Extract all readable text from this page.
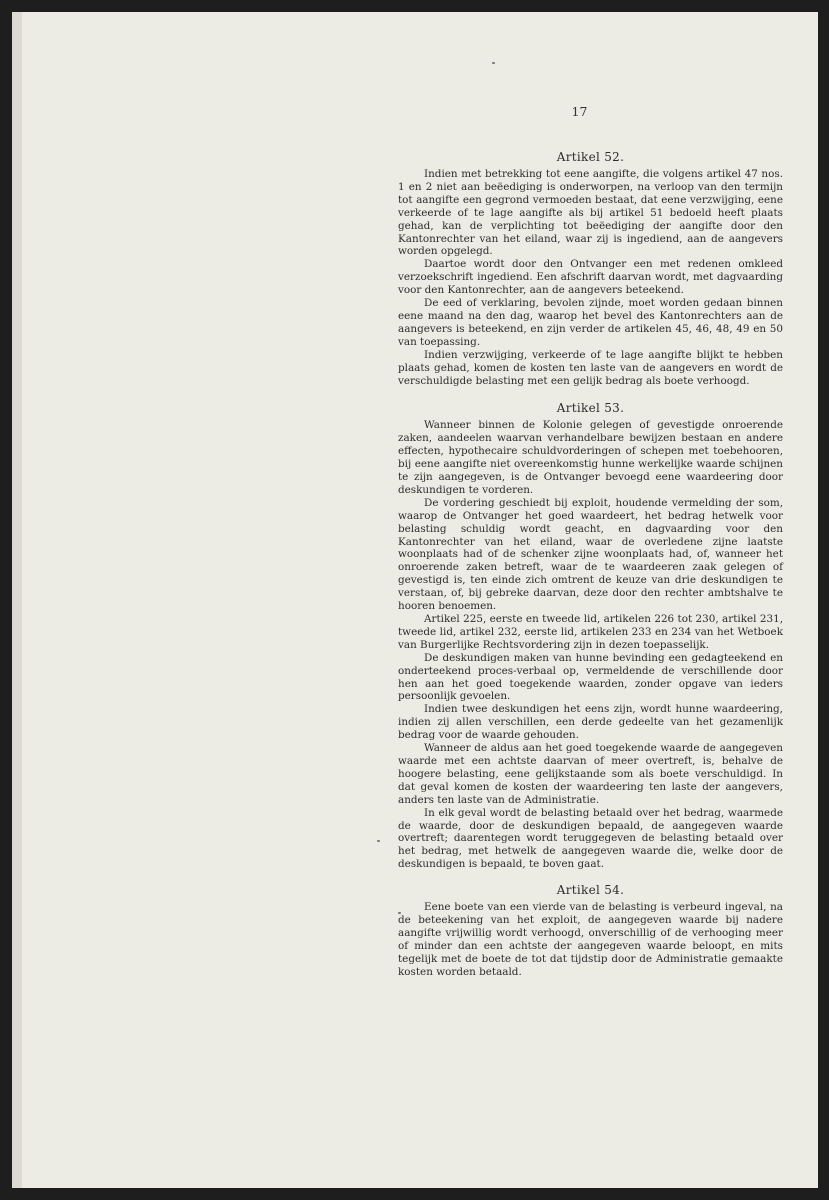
17
Artikel 52.

Indien met betrekking tot eene aangifte, die volgens artikel 47 nos. 1 en 2 niet aan beëediging is onderworpen, na verloop van den termijn tot aangifte een gegrond vermoeden bestaat, dat eene verzwijging, eene verkeerde of te lage aangifte als bij artikel 51 bedoeld heeft plaats gehad, kan de verplichting tot beëediging der aangifte door den Kantonrechter van het eiland, waar zij is ingediend, aan de aangevers worden opgelegd.

Daartoe wordt door den Ontvanger een met redenen omkleed verzoekschrift ingediend. Een afschrift daarvan wordt, met dagvaarding voor den Kantonrechter, aan de aangevers beteekend.

De eed of verklaring, bevolen zijnde, moet worden gedaan binnen eene maand na den dag, waarop het bevel des Kantonrechters aan de aangevers is beteekend, en zijn verder de artikelen 45, 46, 48, 49 en 50 van toepassing.

Indien verzwijging, verkeerde of te lage aangifte blijkt te hebben plaats gehad, komen de kosten ten laste van de aangevers en wordt de verschuldigde belasting met een gelijk bedrag als boete verhoogd.

Artikel 53.

Wanneer binnen de Kolonie gelegen of gevestigde onroerende zaken, aandeelen waarvan verhandelbare bewijzen bestaan en andere effecten, hypothecaire schuldvorderingen of schepen met toebehooren, bij eene aangifte niet overeenkomstig hunne werkelijke waarde schijnen te zijn aangegeven, is de Ontvanger bevoegd eene waardeering door deskundigen te vorderen.

De vordering geschiedt bij exploit, houdende vermelding der som, waarop de Ontvanger het goed waardeert, het bedrag hetwelk voor belasting schuldig wordt geacht, en dagvaarding voor den Kantonrechter van het eiland, waar de overledene zijne laatste woonplaats had of de schenker zijne woonplaats had, of, wanneer het onroerende zaken betreft, waar de te waardeeren zaak gelegen of gevestigd is, ten einde zich omtrent de keuze van drie deskundigen te verstaan, of, bij gebreke daarvan, deze door den rechter ambtshalve te hooren benoemen.

Artikel 225, eerste en tweede lid, artikelen 226 tot 230, artikel 231, tweede lid, artikel 232, eerste lid, artikelen 233 en 234 van het Wetboek van Burgerlijke Rechtsvordering zijn in dezen toepasselijk.

De deskundigen maken van hunne bevinding een gedagteekend en onderteekend proces-verbaal op, vermeldende de verschillende door hen aan het goed toegekende waarden, zonder opgave van ieders persoonlijk gevoelen.

Indien twee deskundigen het eens zijn, wordt hunne waardeering, indien zij allen verschillen, een derde gedeelte van het gezamenlijk bedrag voor de waarde gehouden.

Wanneer de aldus aan het goed toegekende waarde de aangegeven waarde met een achtste daarvan of meer overtreft, is, behalve de hoogere belasting, eene gelijkstaande som als boete verschuldigd. In dat geval komen de kosten der waardeering ten laste der aangevers, anders ten laste van de Administratie.

In elk geval wordt de belasting betaald over het bedrag, waarmede de waarde, door de deskundigen bepaald, de aangegeven waarde overtreft; daarentegen wordt teruggegeven de belasting betaald over het bedrag, met hetwelk de aangegeven waarde die, welke door de deskundigen is bepaald, te boven gaat.

Artikel 54.

Eene boete van een vierde van de belasting is verbeurd ingeval, na de beteekening van het exploit, de aangegeven waarde bij nadere aangifte vrijwillig wordt verhoogd, onverschillig of de verhooging meer of minder dan een achtste der aangegeven waarde beloopt, en mits tegelijk met de boete de tot dat tijdstip door de Administratie gemaakte kosten worden betaald.
